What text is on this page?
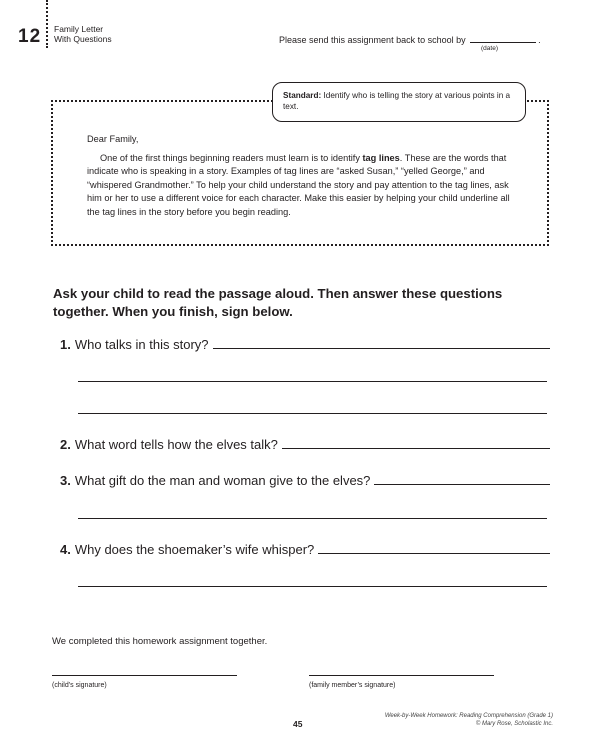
12 Family Letter
With Questions	Please send this assignment back to school by	.
(date)
Standard: Identify who is telling the story at various points in a text.
Dear Family,

One of the first things beginning readers must learn is to identify tag lines. These are the words that indicate who is speaking in a story. Examples of tag lines are “asked Susan,” “yelled George,” and “whispered Grandmother.” To help your child understand the story and pay attention to the tag lines, ask him or her to use a different voice for each character. Make this easier by helping your child underline all the tag lines in the story before you begin reading.

Ask your child to read the passage aloud. Then answer these questions together. When you finish, sign below.
1. Who talks in this story?
2. What word tells how the elves talk?
3. What gift do the man and woman give to the elves?
4. Why does the shoemaker’s wife whisper?
We completed this homework assignment together.
(child’s signature)	(family member’s signature)
45
Week-by-Week Homework: Reading Comprehension (Grade 1)
© Mary Rose, Scholastic Inc.
